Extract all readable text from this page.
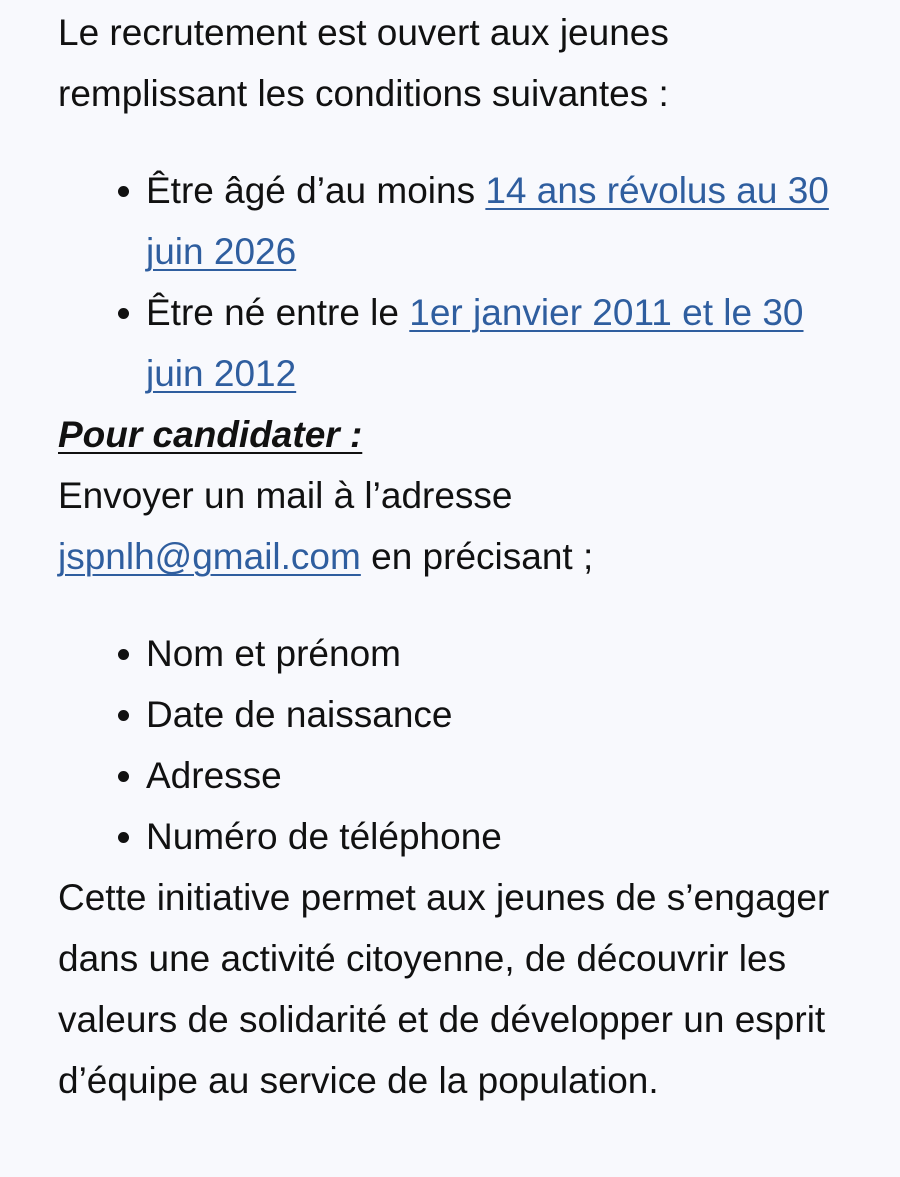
Le recrutement est ouvert aux jeunes remplissant les conditions suivantes :

Être âgé d’au moins 14 ans révolus au 30 juin 2026
Être né entre le 1er janvier 2011 et le 30 juin 2012

Pour candidater :

Envoyer un mail à l’adresse
jspnlh@gmail.com en précisant ;

Nom et prénom
Date de naissance
Adresse
Numéro de téléphone

Cette initiative permet aux jeunes de s’engager dans une activité citoyenne, de découvrir les valeurs de solidarité et de développer un esprit d’équipe au service de la population.
